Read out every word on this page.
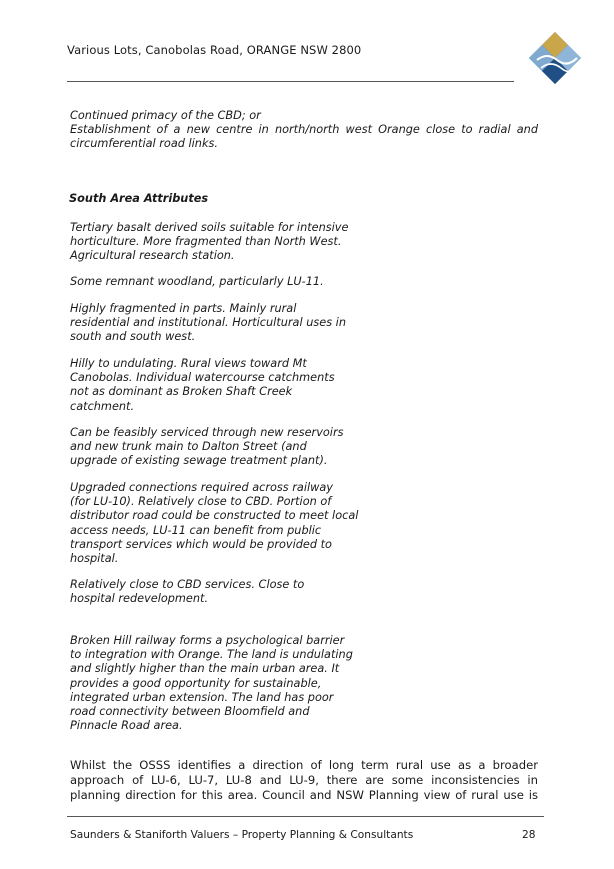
Various Lots, Canobolas Road, ORANGE NSW 2800
Continued primacy of the CBD; or
Establishment of a new centre in north/north west Orange close to radial and
circumferential road links.
South Area Attributes
Tertiary basalt derived soils suitable for intensive
horticulture. More fragmented than North West.
Agricultural research station.
Some remnant woodland, particularly LU-11.
Highly fragmented in parts. Mainly rural
residential and institutional. Horticultural uses in
south and south west.
Hilly to undulating. Rural views toward Mt
Canobolas. Individual watercourse catchments
not as dominant as Broken Shaft Creek
catchment.
Can be feasibly serviced through new reservoirs
and new trunk main to Dalton Street (and
upgrade of existing sewage treatment plant).
Upgraded connections required across railway
(for LU-10). Relatively close to CBD. Portion of
distributor road could be constructed to meet local
access needs, LU-11 can benefit from public
transport services which would be provided to
hospital.
Relatively close to CBD services. Close to
hospital redevelopment.
Broken Hill railway forms a psychological barrier
to integration with Orange. The land is undulating
and slightly higher than the main urban area. It
provides a good opportunity for sustainable,
integrated urban extension. The land has poor
road connectivity between Bloomfield and
Pinnacle Road area.
Whilst the OSSS identifies a direction of long term rural use as a broader
approach of LU-6, LU-7, LU-8 and LU-9, there are some inconsistencies in
planning direction for this area. Council and NSW Planning view of rural use is
Saunders & Staniforth Valuers – Property Planning & Consultants	28
